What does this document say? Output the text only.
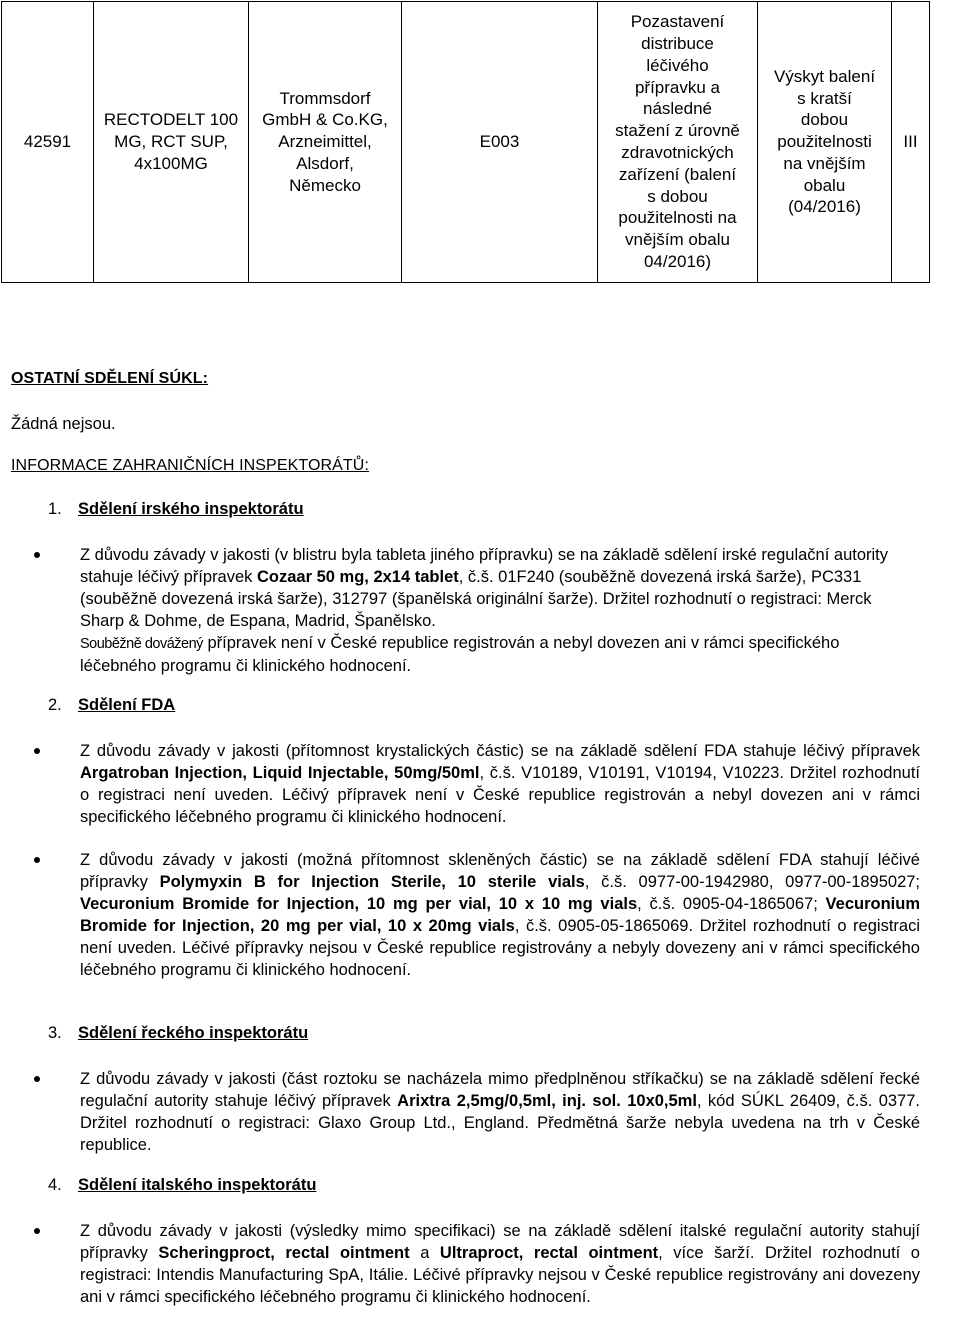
42591	RECTODELT 100
MG, RCT SUP,
4x100MG	Trommsdorf
GmbH & Co.KG,
Arzneimittel,
Alsdorf,
Německo	E003	Pozastavení
distribuce
léčivého
přípravku a
následné
stažení z úrovně
zdravotnických
zařízení (balení
s dobou
použitelnosti na
vnějším obalu
04/2016)	Výskyt balení
s kratší
dobou
použitelnosti
na vnějším
obalu
(04/2016)	III
OSTATNÍ SDĚLENÍ SÚKL:
Žádná nejsou.
INFORMACE ZAHRANIČNÍCH INSPEKTORÁTŮ:
1. Sdělení irského inspektorátu
Z důvodu závady v jakosti (v blistru byla tableta jiného přípravku) se na základě sdělení irské regulační autority stahuje léčivý přípravek Cozaar 50 mg, 2x14 tablet, č.š. 01F240 (souběžně dovezená irská šarže), PC331 (souběžně dovezená irská šarže), 312797 (španělská originální šarže). Držitel rozhodnutí o registraci: Merck Sharp & Dohme, de Espana, Madrid, Španělsko.
Souběžně dovážený přípravek není v České republice registrován a nebyl dovezen ani v rámci specifického léčebného programu či klinického hodnocení.
2. Sdělení FDA
Z důvodu závady v jakosti (přítomnost krystalických částic) se na základě sdělení FDA stahuje léčivý přípravek Argatroban Injection, Liquid Injectable, 50mg/50ml, č.š. V10189, V10191, V10194, V10223. Držitel rozhodnutí o registraci není uveden. Léčivý přípravek není v České republice registrován a nebyl dovezen ani v rámci specifického léčebného programu či klinického hodnocení.
Z důvodu závady v jakosti (možná přítomnost skleněných částic) se na základě sdělení FDA stahují léčivé přípravky Polymyxin B for Injection Sterile, 10 sterile vials, č.š. 0977-00-1942980, 0977-00-1895027; Vecuronium Bromide for Injection, 10 mg per vial, 10 x 10 mg vials, č.š. 0905-04-1865067; Vecuronium Bromide for Injection, 20 mg per vial, 10 x 20mg vials, č.š. 0905-05-1865069. Držitel rozhodnutí o registraci není uveden. Léčivé přípravky nejsou v České republice registrovány a nebyly dovezeny ani v rámci specifického léčebného programu či klinického hodnocení.
3. Sdělení řeckého inspektorátu
Z důvodu závady v jakosti (část roztoku se nacházela mimo předplněnou stříkačku) se na základě sdělení řecké regulační autority stahuje léčivý přípravek Arixtra 2,5mg/0,5ml, inj. sol. 10x0,5ml, kód SÚKL 26409, č.š. 0377. Držitel rozhodnutí o registraci: Glaxo Group Ltd., England. Předmětná šarže nebyla uvedena na trh v České republice.
4. Sdělení italského inspektorátu
Z důvodu závady v jakosti (výsledky mimo specifikaci) se na základě sdělení italské regulační autority stahují přípravky Scheringproct, rectal ointment a Ultraproct, rectal ointment, více šarží. Držitel rozhodnutí o registraci: Intendis Manufacturing SpA, Itálie. Léčivé přípravky nejsou v České republice registrovány ani dovezeny ani v rámci specifického léčebného programu či klinického hodnocení.
